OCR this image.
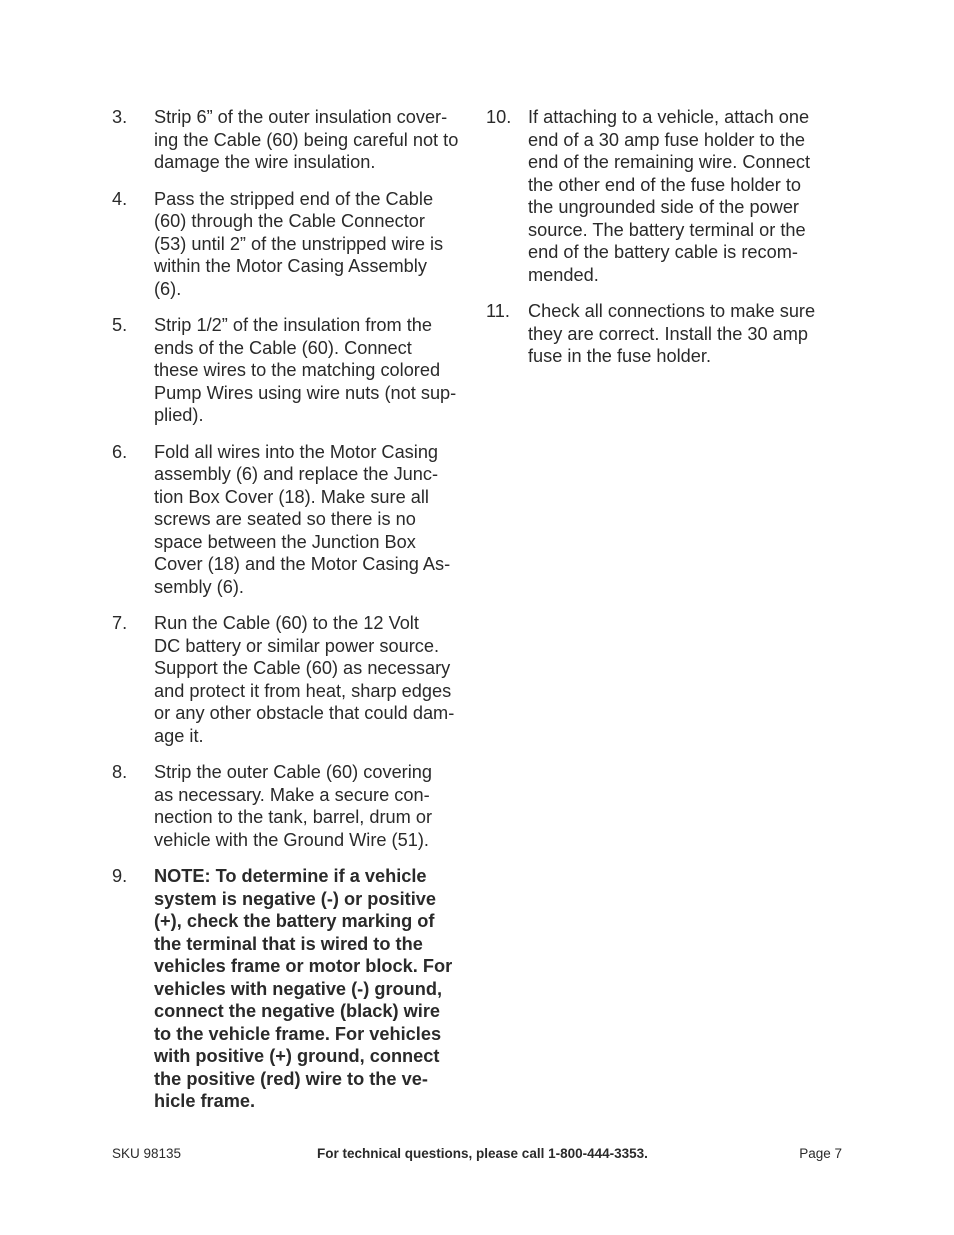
3.	Strip 6” of the outer insulation cover-
ing the Cable (60) being careful not to
damage the wire insulation.

4.	Pass the stripped end of the Cable
(60) through the Cable Connector
(53) until 2” of the unstripped wire is
within the Motor Casing Assembly
(6).

5.	Strip 1/2” of the insulation from the
ends of the Cable (60). Connect
these wires to the matching colored
Pump Wires using wire nuts (not sup-
plied).

6.	Fold all wires into the Motor Casing
assembly (6) and replace the Junc-
tion Box Cover (18). Make sure all
screws are seated so there is no
space between the Junction Box
Cover (18) and the Motor Casing As-
sembly (6).

7.	Run the Cable (60) to the 12 Volt
DC battery or similar power source.
Support the Cable (60) as necessary
and protect it from heat, sharp edges
or any other obstacle that could dam-
age it.

8.	Strip the outer Cable (60) covering
as necessary. Make a secure con-
nection to the tank, barrel, drum or
vehicle with the Ground Wire (51).

9.	NOTE: To determine if a vehicle
system is negative (-) or positive
(+), check the battery marking of
the terminal that is wired to the
vehicles frame or motor block. For
vehicles with negative (-) ground,
connect the negative (black) wire
to the vehicle frame. For vehicles
with positive (+) ground, connect
the positive (red) wire to the ve-
hicle frame.

10. If attaching to a vehicle, attach one
end of a 30 amp fuse holder to the
end of the remaining wire. Connect
the other end of the fuse holder to
the ungrounded side of the power
source. The battery terminal or the
end of the battery cable is recom-
mended.

11. Check all connections to make sure
they are correct. Install the 30 amp
fuse in the fuse holder.

SKU 98135	For technical questions, please call 1-800-444-3353.	Page 7
